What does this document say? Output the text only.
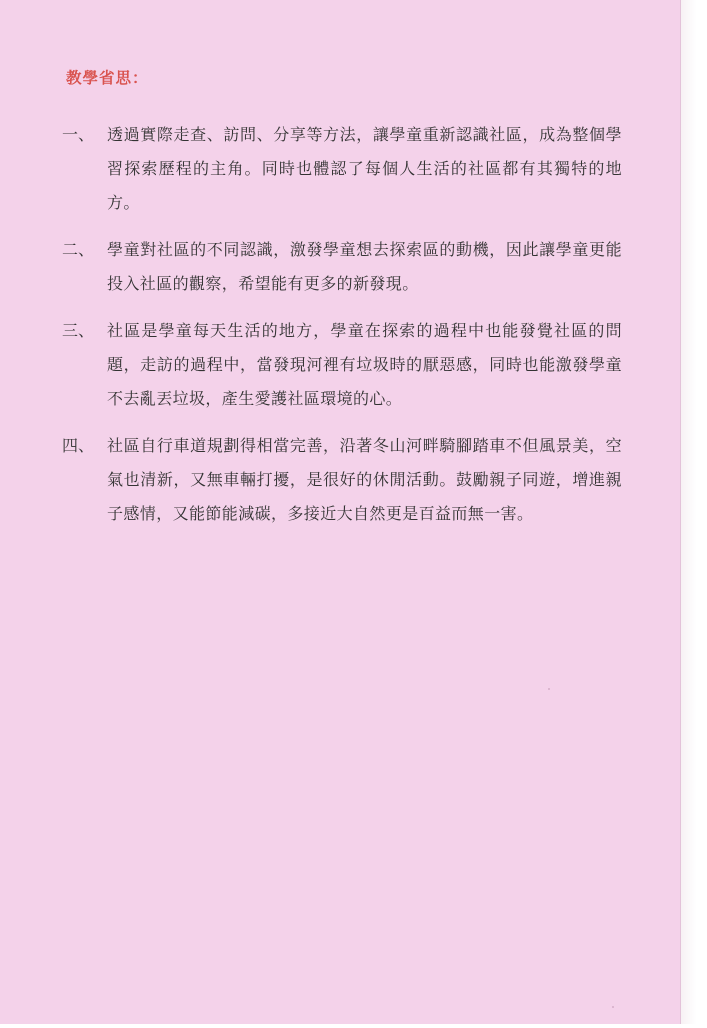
教學省思：
一、 透過實際走查、訪問、分享等方法，讓學童重新認識社區，成為整個學習探索歷程的主角。同時也體認了每個人生活的社區都有其獨特的地方。
二、 學童對社區的不同認識，激發學童想去探索區的動機，因此讓學童更能投入社區的觀察，希望能有更多的新發現。
三、 社區是學童每天生活的地方，學童在探索的過程中也能發覺社區的問題，走訪的過程中，當發現河裡有垃圾時的厭惡感，同時也能激發學童不去亂丟垃圾，產生愛護社區環境的心。
四、 社區自行車道規劃得相當完善，沿著冬山河畔騎腳踏車不但風景美，空氣也清新，又無車輛打擾，是很好的休閒活動。鼓勵親子同遊，增進親子感情，又能節能減碳，多接近大自然更是百益而無一害。
